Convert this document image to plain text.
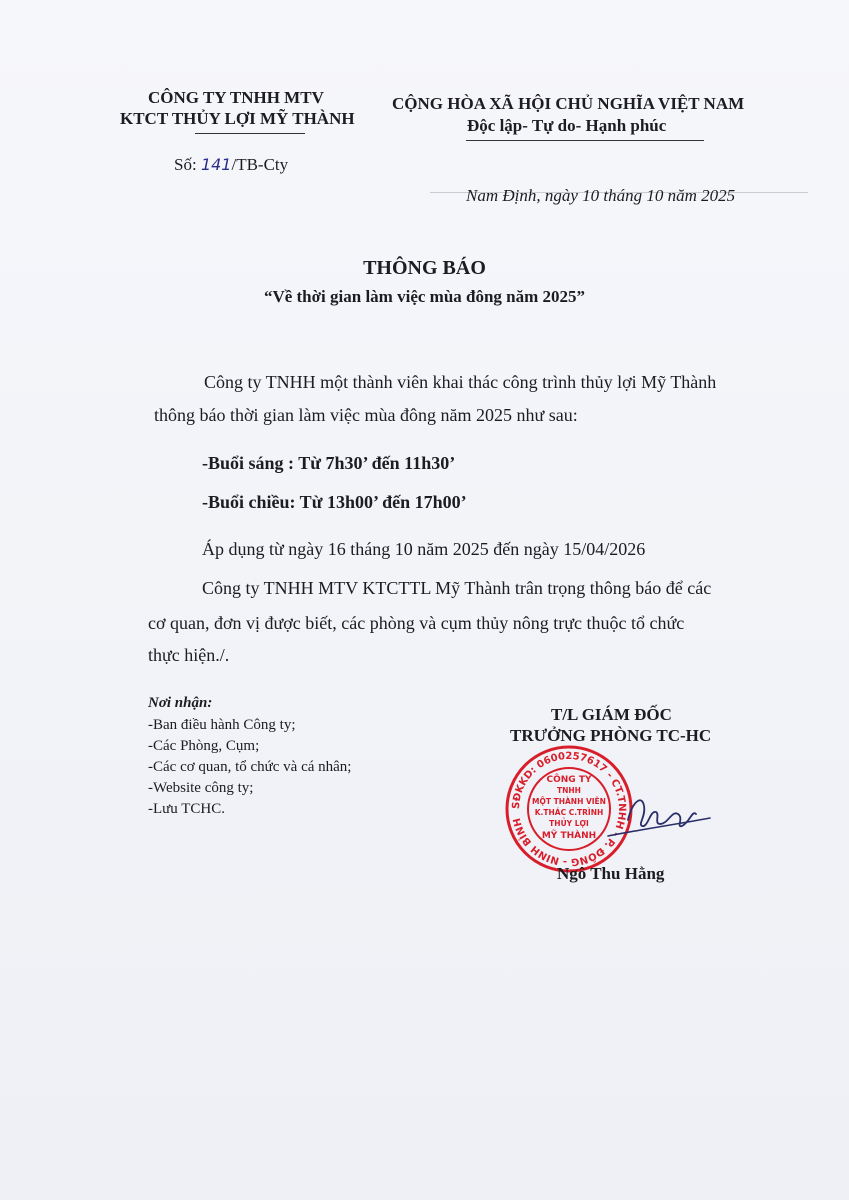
CÔNG TY TNHH MTV
KTCT THỦY LỢI MỸ THÀNH
CỘNG HÒA XÃ HỘI CHỦ NGHĨA VIỆT NAM
Độc lập- Tự do- Hạnh phúc
Số: 141/TB-Cty
Nam Định, ngày 10 tháng 10 năm 2025
THÔNG BÁO
“Về thời gian làm việc mùa đông năm 2025”
Công ty TNHH một thành viên khai thác công trình thủy lợi Mỹ Thành
thông báo thời gian làm việc mùa đông năm 2025 như sau:
-Buổi sáng : Từ 7h30’ đến 11h30’
-Buổi chiều: Từ 13h00’ đến 17h00’
Áp dụng từ ngày 16 tháng 10 năm 2025 đến ngày 15/04/2026
Công ty TNHH MTV KTCTTL Mỹ Thành trân trọng thông báo để các
cơ quan, đơn vị được biết, các phòng và cụm thủy nông trực thuộc tổ chức
thực hiện./.
Nơi nhận:
-Ban điều hành Công ty;
-Các Phòng, Cụm;
-Các cơ quan, tổ chức và cá nhân;
-Website công ty;
-Lưu TCHC.
T/L GIÁM ĐỐC
TRƯỞNG PHÒNG TC-HC
SĐKKD: 0600257617 - CT.TNHH - P. ĐÔNG - NINH BÌNH
CÔNG TY
TNHH
MỘT THÀNH VIÊN
K.THÁC C.TRÌNH
THỦY LỢI
MỸ THÀNH
Ngô Thu Hằng
